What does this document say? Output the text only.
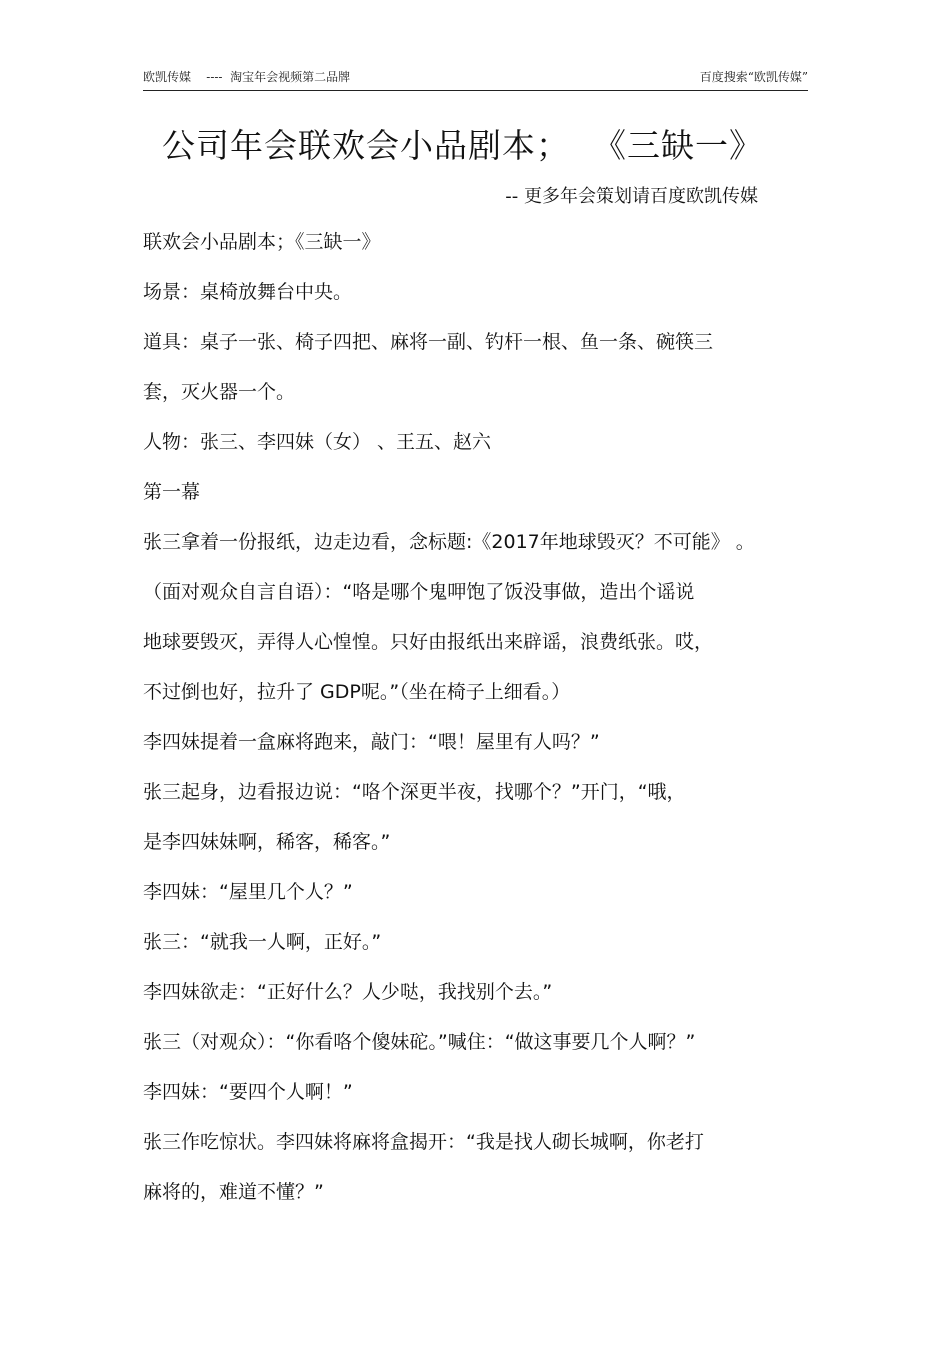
欧凯传媒    ----  淘宝年会视频第二品牌	百度搜索“欧凯传媒”
公司年会联欢会小品剧本；  《三缺一》
-- 更多年会策划请百度欧凯传媒
联欢会小品剧本；《三缺一》
场景：桌椅放舞台中央。
道具：桌子一张、椅子四把、麻将一副、钓杆一根、鱼一条、碗筷三
套，灭火器一个。
人物：张三、李四妹（女） 、王五、赵六
第一幕
张三拿着一份报纸，边走边看，念标题:《2017年地球毁灭？不可能》 。
（面对观众自言自语）：“咯是哪个鬼呷饱了饭没事做，造出个谣说
地球要毁灭，弄得人心惶惶。只好由报纸出来辟谣，浪费纸张。哎，
不过倒也好，拉升了 GDP呢。”（坐在椅子上细看。）
李四妹提着一盒麻将跑来，敲门：“喂！屋里有人吗？”
张三起身，边看报边说：“咯个深更半夜，找哪个？”开门，“哦，
是李四妹妹啊，稀客，稀客。”
李四妹：“屋里几个人？”
张三：“就我一人啊，正好。”
李四妹欲走：“正好什么？人少哒，我找别个去。”
张三（对观众）：“你看咯个傻妹砣。”喊住：“做这事要几个人啊？”
李四妹：“要四个人啊！”
张三作吃惊状。李四妹将麻将盒揭开：“我是找人砌长城啊，你老打
麻将的，难道不懂？”
